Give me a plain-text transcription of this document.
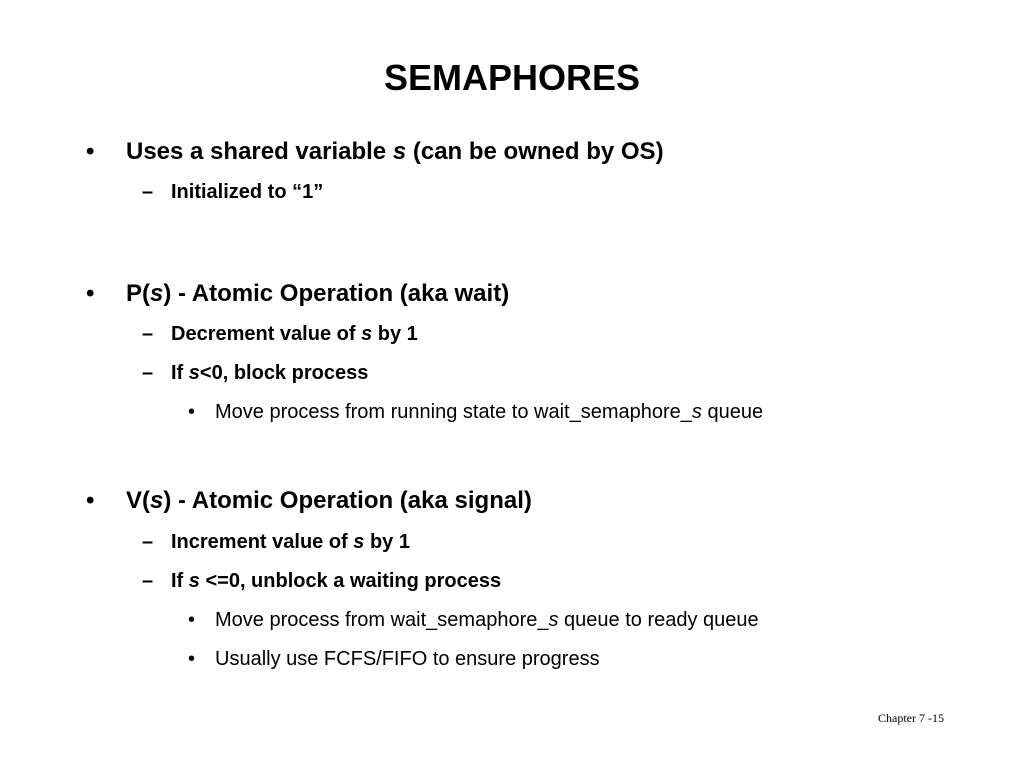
SEMAPHORES
• Uses a shared variable s (can be owned by OS)
– Initialized to “1”
• P(s) - Atomic Operation (aka wait)
– Decrement value of s by 1
– If s<0, block process
• Move process from running state to wait_semaphore_s queue
• V(s) - Atomic Operation (aka signal)
– Increment value of s by 1
– If s <=0, unblock a waiting process
• Move process from wait_semaphore_s queue to ready queue
• Usually use FCFS/FIFO to ensure progress
Chapter 7 -15
